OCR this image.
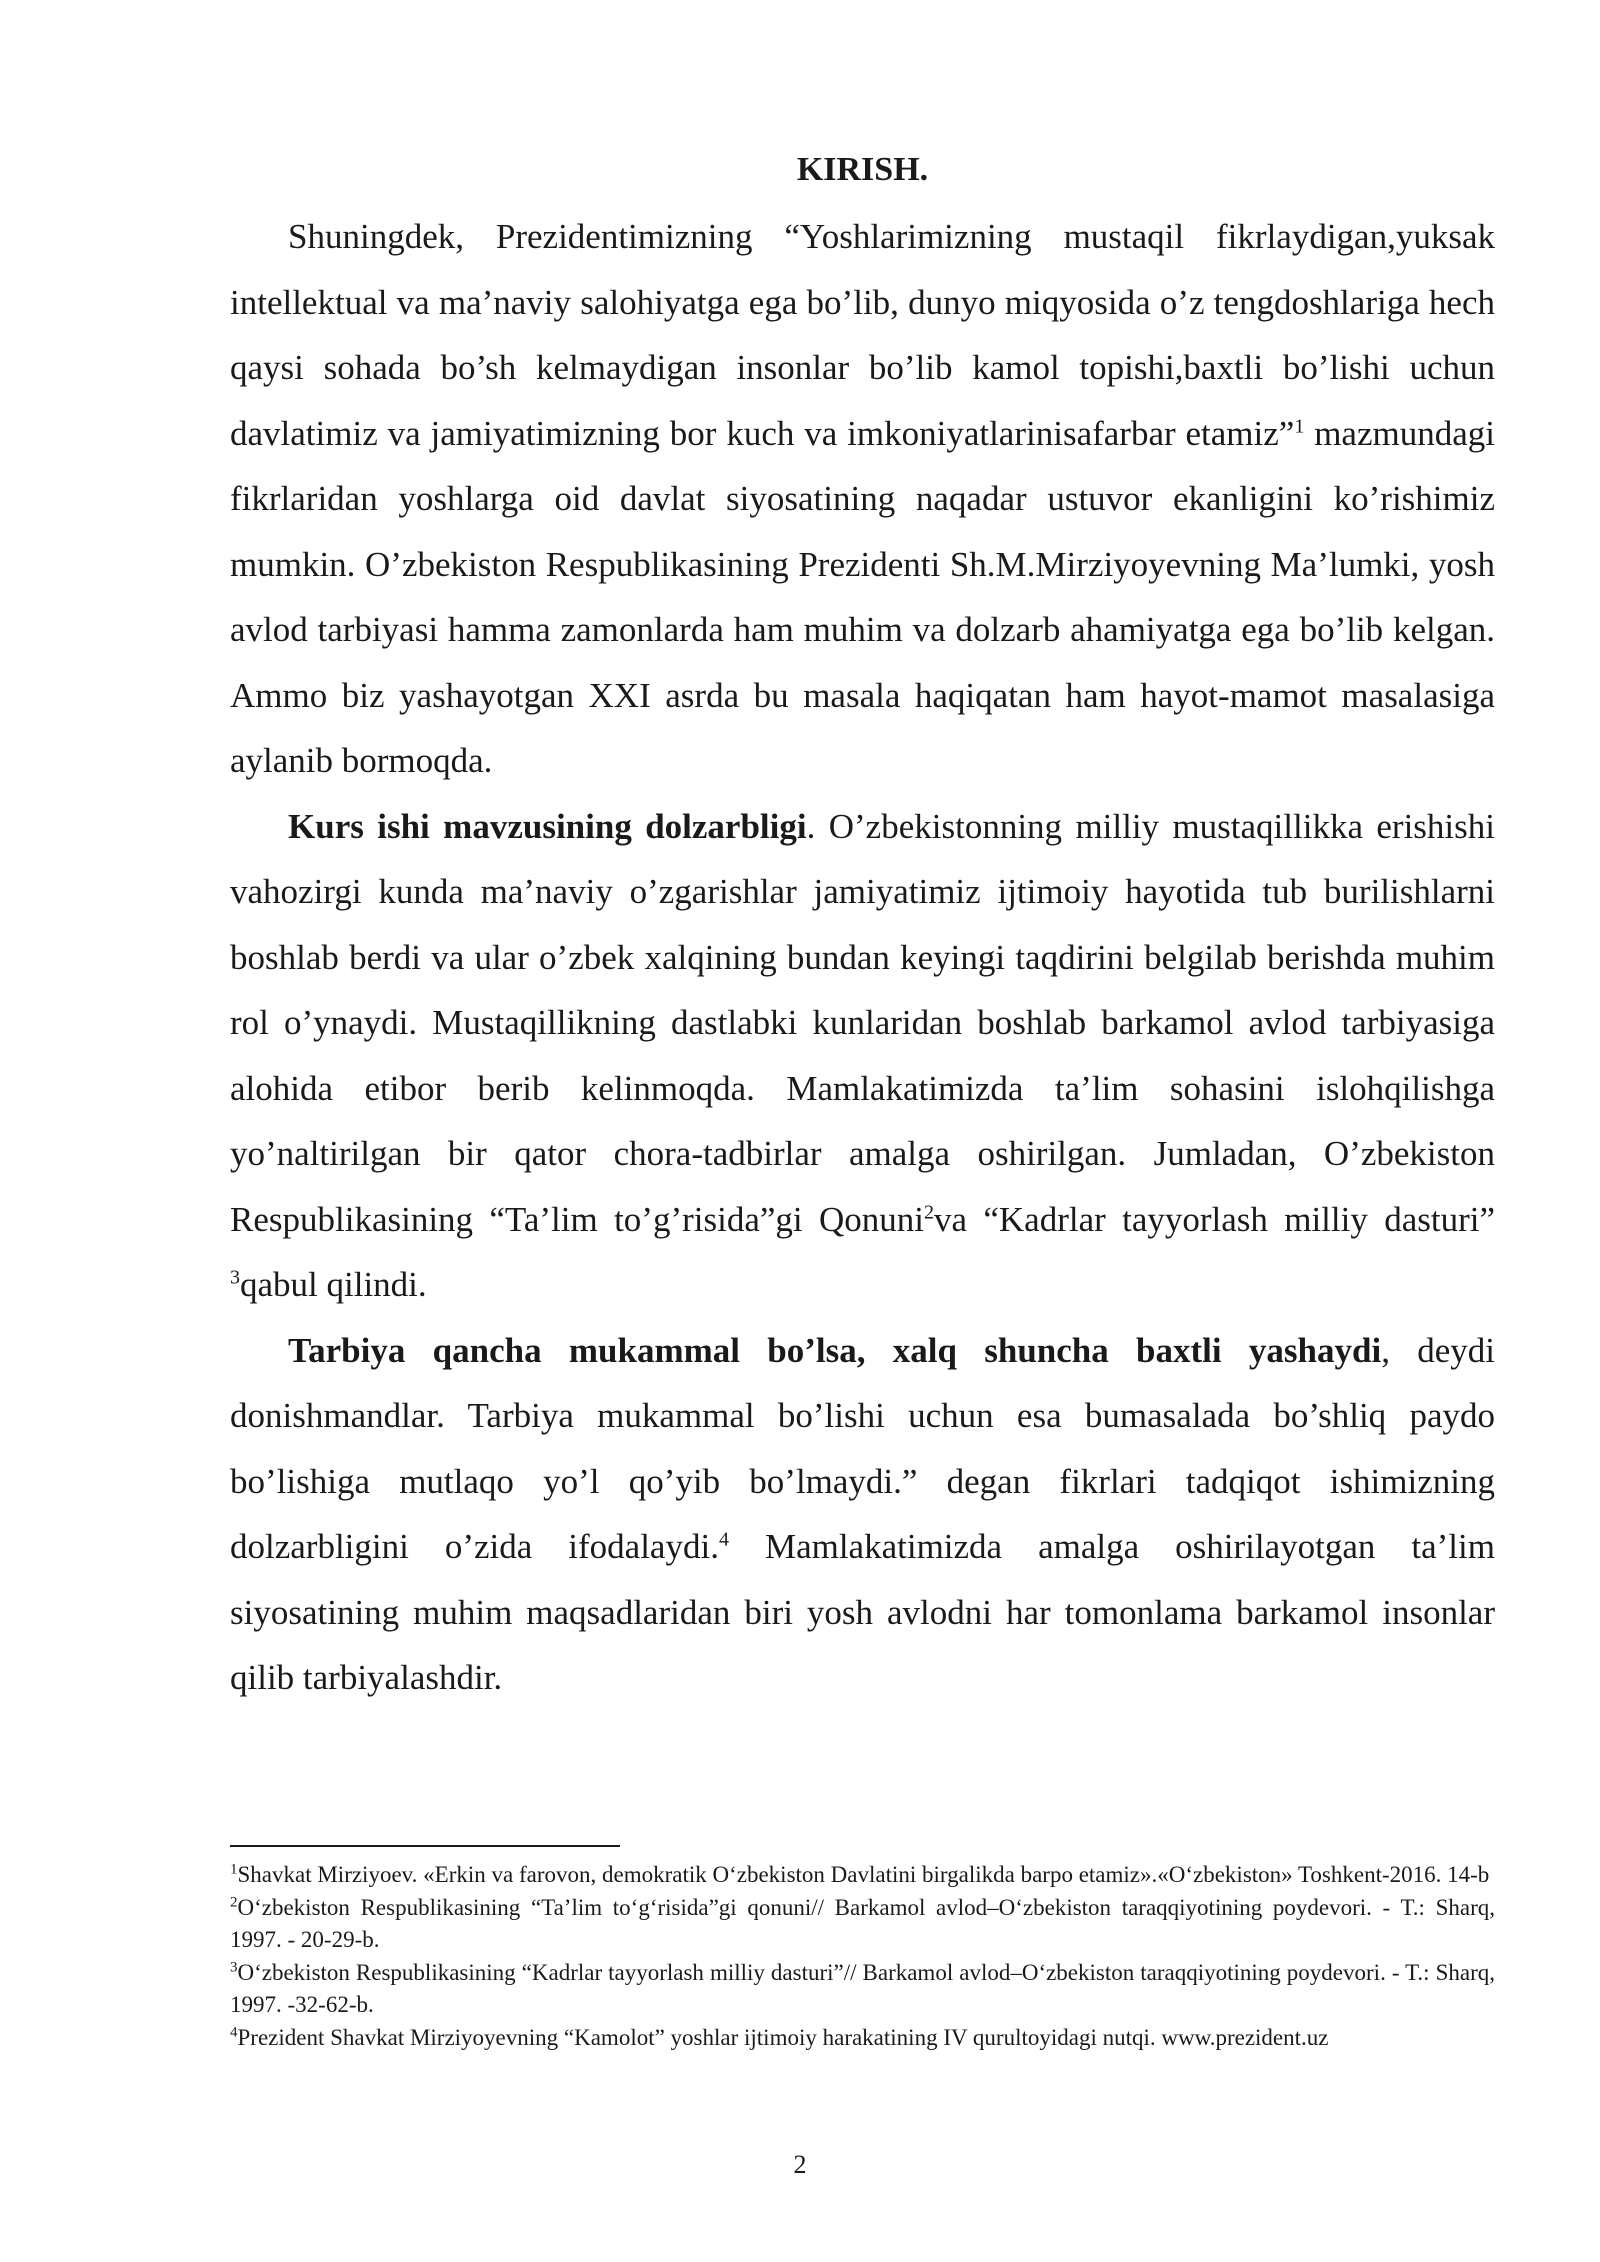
KIRISH.

Shuningdek, Prezidentimizning “Yoshlarimizning mustaqil fikrlaydigan,yuksak intellektual va ma’naviy salohiyatga ega bo’lib, dunyo miqyosida o’z tengdoshlariga hech qaysi sohada bo’sh kelmaydigan insonlar bo’lib kamol topishi,baxtli bo’lishi uchun davlatimiz va jamiyatimizning bor kuch va imkoniyatlarinisafarbar etamiz”$^1$ mazmundagi fikrlaridan yoshlarga oid davlat siyosatining naqadar ustuvor ekanligini ko’rishimiz mumkin. O’zbekiston Respublikasining Prezidenti Sh.M.Mirziyoyevning Ma’lumki, yosh avlod tarbiyasi hamma zamonlarda ham muhim va dolzarb ahamiyatga ega bo’lib kelgan. Ammo biz yashayotgan XXI asrda bu masala haqiqatan ham hayot-mamot masalasiga aylanib bormoqda.

Kurs ishi mavzusining dolzarbligi. O’zbekistonning milliy mustaqillikka erishishi vahozirgi kunda ma’naviy o’zgarishlar jamiyatimiz ijtimoiy hayotida tub burilishlarni boshlab berdi va ular o’zbek xalqining bundan keyingi taqdirini belgilab berishda muhim rol o’ynaydi. Mustaqillikning dastlabki kunlaridan boshlab barkamol avlod tarbiyasiga alohida etibor berib kelinmoqda. Mamlakatimizda ta’lim sohasini islohqilishga yo’naltirilgan bir qator chora-tadbirlar amalga oshirilgan. Jumladan, O’zbekiston Respublikasining “Ta’lim to’g’risida”gi Qonuni$^2$va “Kadrlar tayyorlash milliy dasturi” $^3$qabul qilindi.

Tarbiya qancha mukammal bo’lsa, xalq shuncha baxtli yashaydi, deydi donishmandlar. Tarbiya mukammal bo’lishi uchun esa bumasalada bo’shliq paydo bo’lishiga mutlaqo yo’l qo’yib bo’lmaydi.” degan fikrlari tadqiqot ishimizning dolzarbligini o’zida ifodalaydi.$^4$ Mamlakatimizda amalga oshirilayotgan ta’lim siyosatining muhim maqsadlaridan biri yosh avlodni har tomonlama barkamol insonlar qilib tarbiyalashdir.

$^1$Shavkat Mirziyoev. «Erkin va farovon, demokratik O‘zbekiston Davlatini birgalikda barpo etamiz».«O‘zbekiston» Toshkent-2016. 14-b

$^2$O‘zbekiston Respublikasining “Ta’lim to‘g‘risida”gi qonuni// Barkamol avlod–O‘zbekiston taraqqiyotining poydevori. - T.: Sharq, 1997. - 20-29-b.

$^3$O‘zbekiston Respublikasining “Kadrlar tayyorlash milliy dasturi”// Barkamol avlod–O‘zbekiston taraqqiyotining poydevori. - T.: Sharq, 1997. -32-62-b.

$^4$Prezident Shavkat Mirziyoyevning “Kamolot” yoshlar ijtimoiy harakatining IV qurultoyidagi nutqi. www.prezident.uz

2
